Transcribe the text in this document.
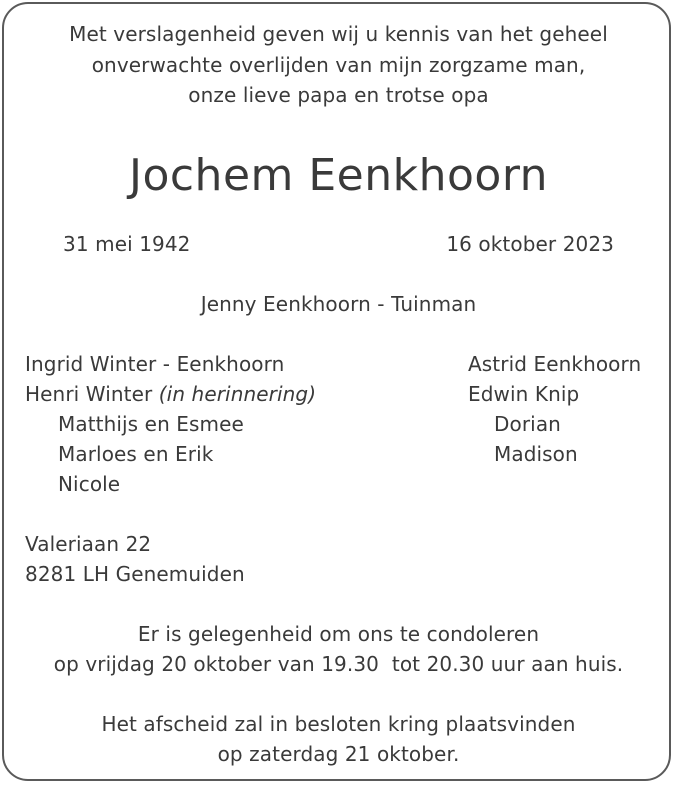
Met verslagenheid geven wij u kennis van het geheel
onverwachte overlijden van mijn zorgzame man,
onze lieve papa en trotse opa
Jochem Eenkhoorn
31 mei 1942	16 oktober 2023
Jenny Eenkhoorn - Tuinman
Ingrid Winter - Eenkhoorn
Henri Winter (in herinnering)
Matthijs en Esmee
Marloes en Erik
Nicole
Astrid Eenkhoorn
Edwin Knip
Dorian
Madison
Valeriaan 22
8281 LH Genemuiden
Er is gelegenheid om ons te condoleren
op vrijdag 20 oktober van 19.30  tot 20.30 uur aan huis.
Het afscheid zal in besloten kring plaatsvinden
op zaterdag 21 oktober.
